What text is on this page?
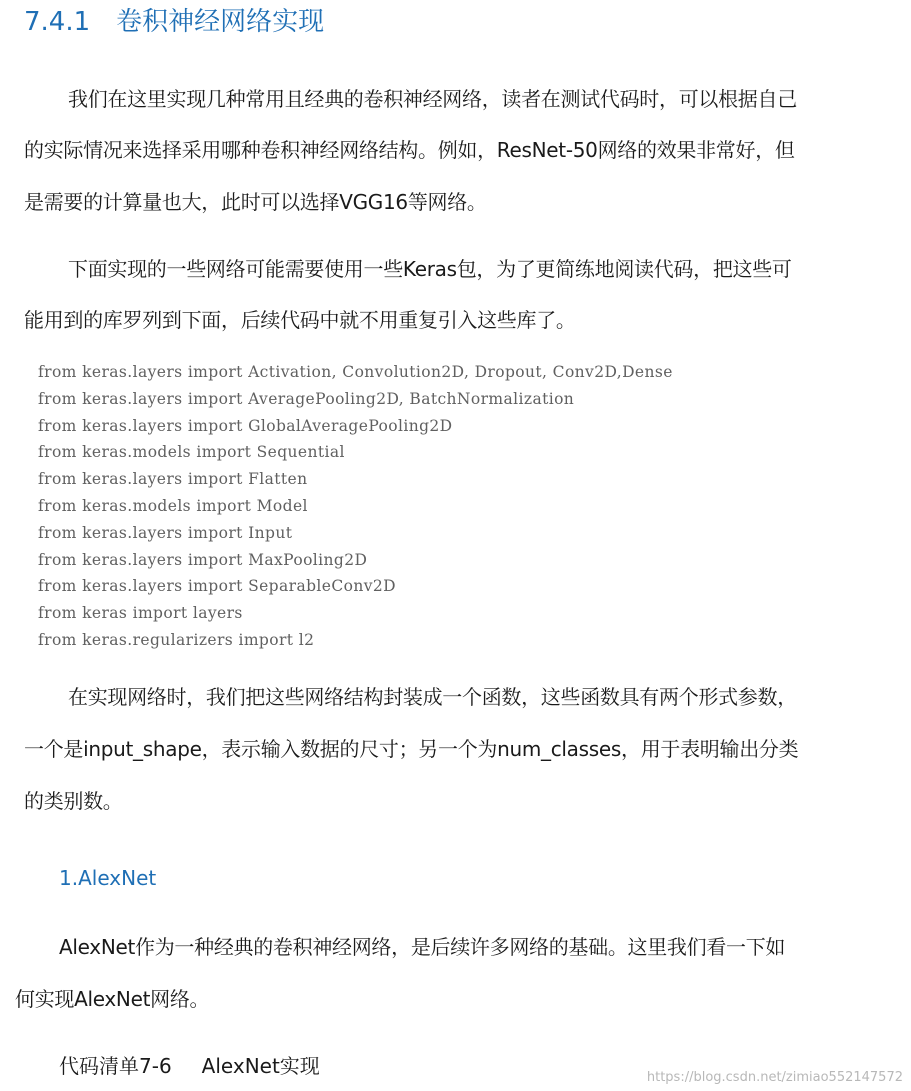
7.4.1 卷积神经网络实现
我们在这里实现几种常用且经典的卷积神经网络，读者在测试代码时，可以根据自己
的实际情况来选择采用哪种卷积神经网络结构。例如，ResNet-50网络的效果非常好，但
是需要的计算量也大，此时可以选择VGG16等网络。
下面实现的一些网络可能需要使用一些Keras包，为了更简练地阅读代码，把这些可
能用到的库罗列到下面，后续代码中就不用重复引入这些库了。
from keras.layers import Activation, Convolution2D, Dropout, Conv2D,Dense
from keras.layers import AveragePooling2D, BatchNormalization
from keras.layers import GlobalAveragePooling2D
from keras.models import Sequential
from keras.layers import Flatten
from keras.models import Model
from keras.layers import Input
from keras.layers import MaxPooling2D
from keras.layers import SeparableConv2D
from keras import layers
from keras.regularizers import l2
在实现网络时，我们把这些网络结构封装成一个函数，这些函数具有两个形式参数，
一个是input_shape，表示输入数据的尺寸；另一个为num_classes，用于表明输出分类
的类别数。
1.AlexNet
AlexNet作为一种经典的卷积神经网络，是后续许多网络的基础。这里我们看一下如
何实现AlexNet网络。
代码清单7-6 AlexNet实现	https://blog.csdn.net/zimiao552147572
